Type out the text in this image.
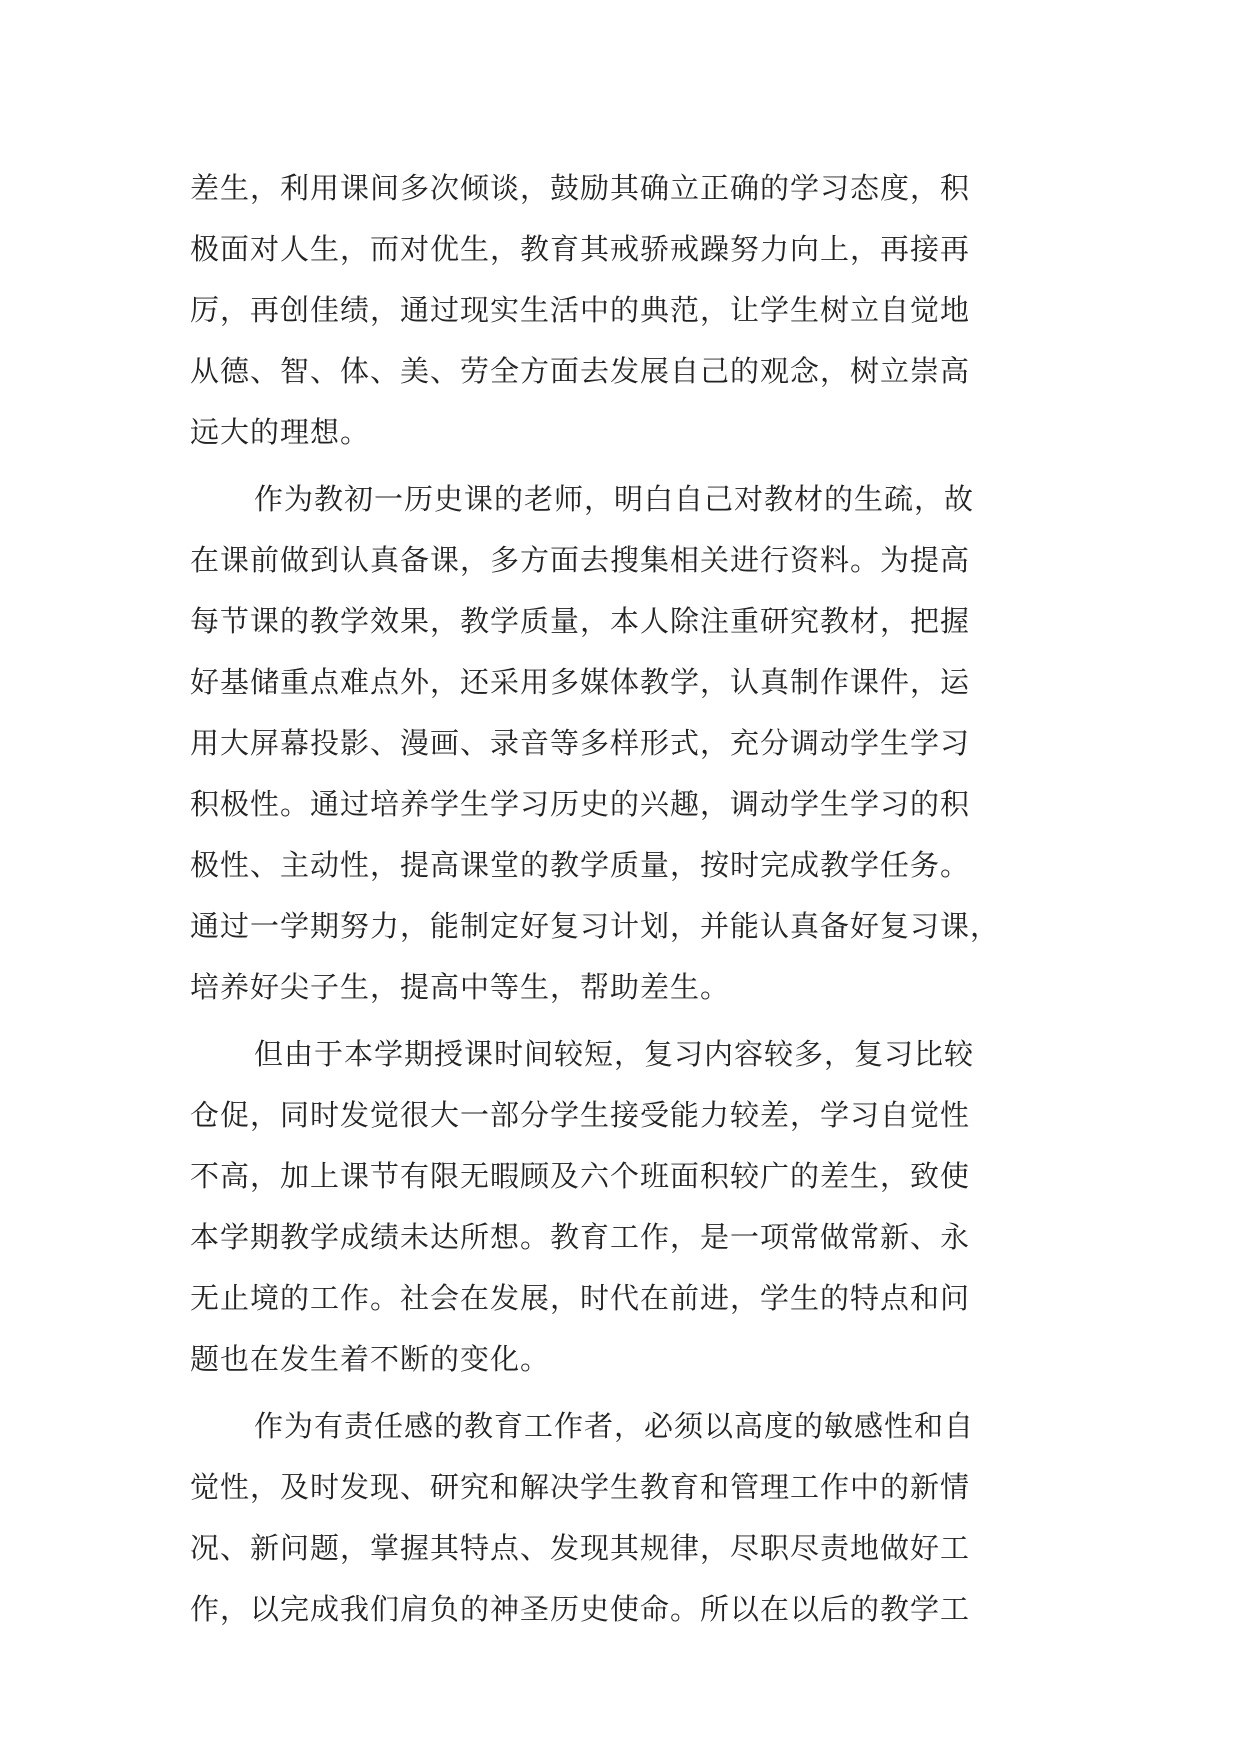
差生，利用课间多次倾谈，鼓励其确立正确的学习态度，积
极面对人生，而对优生，教育其戒骄戒躁努力向上，再接再
厉，再创佳绩，通过现实生活中的典范，让学生树立自觉地
从德、智、体、美、劳全方面去发展自己的观念，树立崇高
远大的理想。
作为教初一历史课的老师，明白自己对教材的生疏，故
在课前做到认真备课，多方面去搜集相关进行资料。为提高
每节课的教学效果，教学质量，本人除注重研究教材，把握
好基储重点难点外，还采用多媒体教学，认真制作课件，运
用大屏幕投影、漫画、录音等多样形式，充分调动学生学习
积极性。通过培养学生学习历史的兴趣，调动学生学习的积
极性、主动性，提高课堂的教学质量，按时完成教学任务。
通过一学期努力，能制定好复习计划，并能认真备好复习课，
培养好尖子生，提高中等生，帮助差生。
但由于本学期授课时间较短，复习内容较多，复习比较
仓促，同时发觉很大一部分学生接受能力较差，学习自觉性
不高，加上课节有限无暇顾及六个班面积较广的差生，致使
本学期教学成绩未达所想。教育工作，是一项常做常新、永
无止境的工作。社会在发展，时代在前进，学生的特点和问
题也在发生着不断的变化。
作为有责任感的教育工作者，必须以高度的敏感性和自
觉性，及时发现、研究和解决学生教育和管理工作中的新情
况、新问题，掌握其特点、发现其规律，尽职尽责地做好工
作，以完成我们肩负的神圣历史使命。所以在以后的教学工
